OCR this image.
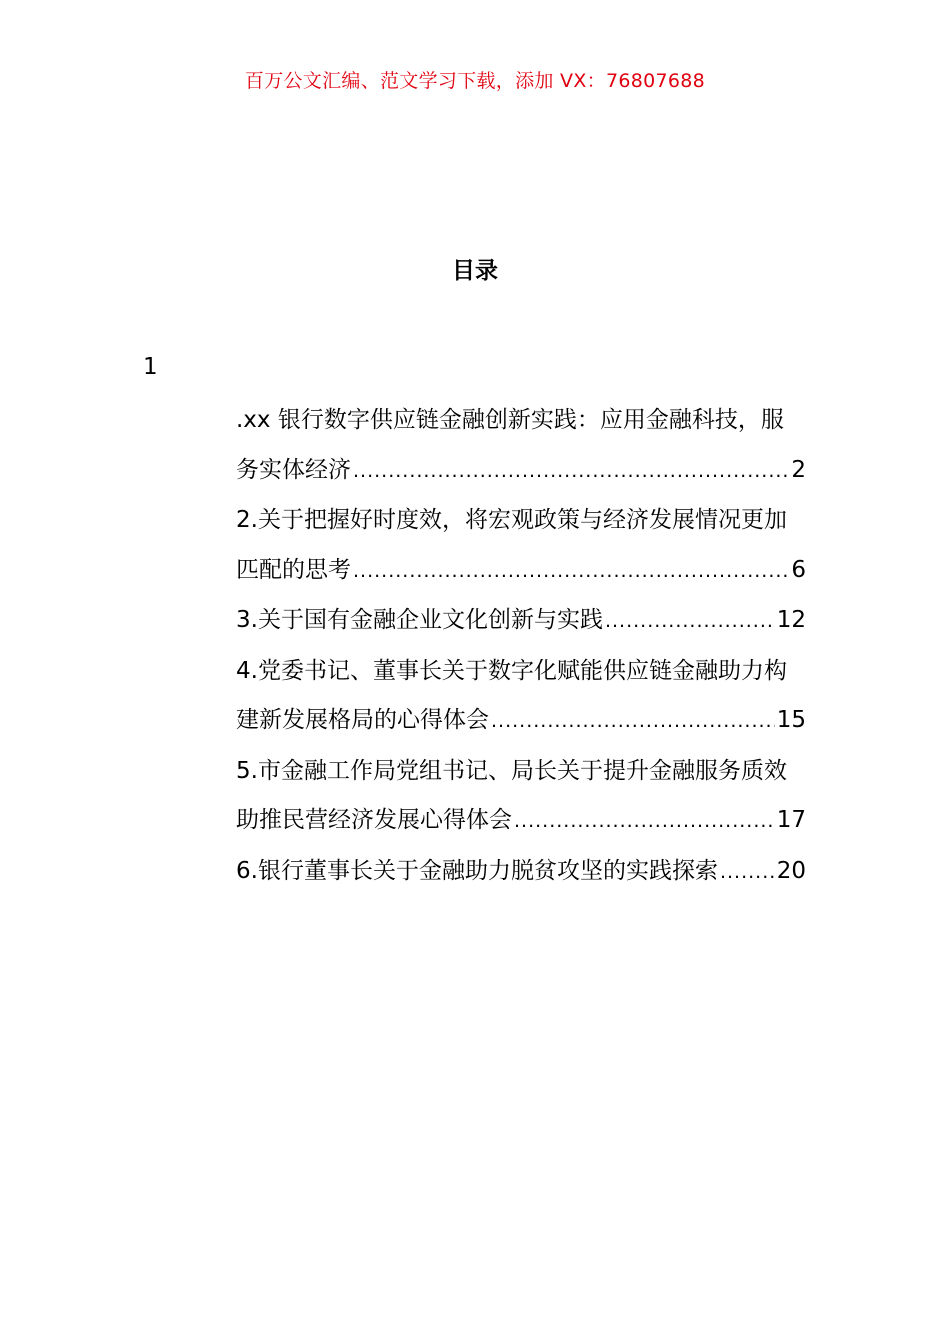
百万公文汇编、范文学习下载，添加 VX：76807688
目录
1
.xx 银行数字供应链金融创新实践：应用金融科技，服
务实体经济 .....	2
2.关于把握好时度效，将宏观政策与经济发展情况更加
匹配的思考 .....	6
3.关于国有金融企业文化创新与实践 .....	12
4.党委书记、董事长关于数字化赋能供应链金融助力构
建新发展格局的心得体会 .....	15
5.市金融工作局党组书记、局长关于提升金融服务质效
助推民营经济发展心得体会 .....	17
6.银行董事长关于金融助力脱贫攻坚的实践探索 .....	20
